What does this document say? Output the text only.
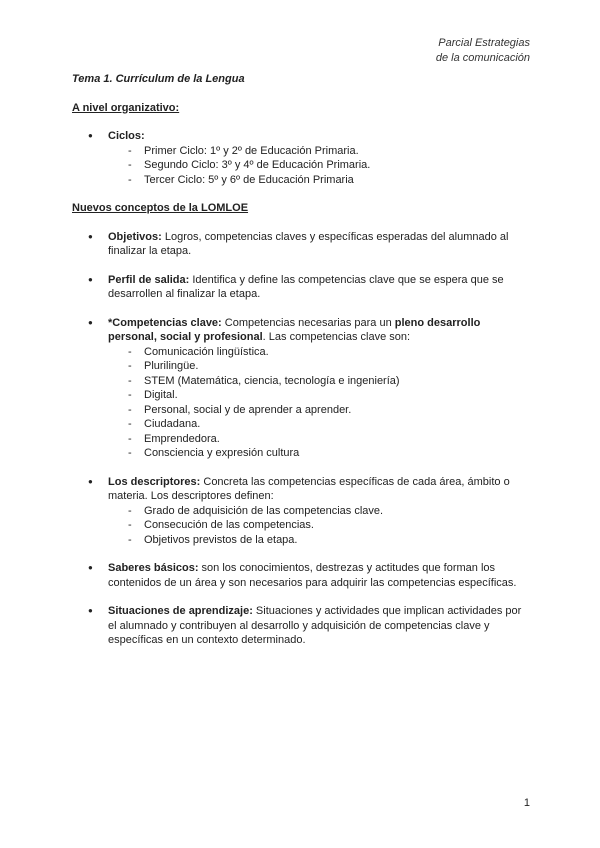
Parcial Estrategias
de la comunicación
Tema 1. Currículum de la Lengua
A nivel organizativo:
● Ciclos:
- Primer Ciclo: 1º y 2º de Educación Primaria.
- Segundo Ciclo: 3º y 4º de Educación Primaria.
- Tercer Ciclo: 5º y 6º de Educación Primaria
Nuevos conceptos de la LOMLOE
● Objetivos: Logros, competencias claves y específicas esperadas del alumnado al finalizar la etapa.
● Perfil de salida: Identifica y define las competencias clave que se espera que se desarrollen al finalizar la etapa.
● *Competencias clave: Competencias necesarias para un pleno desarrollo personal, social y profesional. Las competencias clave son:
- Comunicación lingüística.
- Plurilingüe.
- STEM (Matemática, ciencia, tecnología e ingeniería)
- Digital.
- Personal, social y de aprender a aprender.
- Ciudadana.
- Emprendedora.
- Consciencia y expresión cultura
● Los descriptores: Concreta las competencias específicas de cada área, ámbito o materia. Los descriptores definen:
- Grado de adquisición de las competencias clave.
- Consecución de las competencias.
- Objetivos previstos de la etapa.
● Saberes básicos: son los conocimientos, destrezas y actitudes que forman los contenidos de un área y son necesarios para adquirir las competencias específicas.
● Situaciones de aprendizaje: Situaciones y actividades que implican actividades por el alumnado y contribuyen al desarrollo y adquisición de competencias clave y específicas en un contexto determinado.
1
